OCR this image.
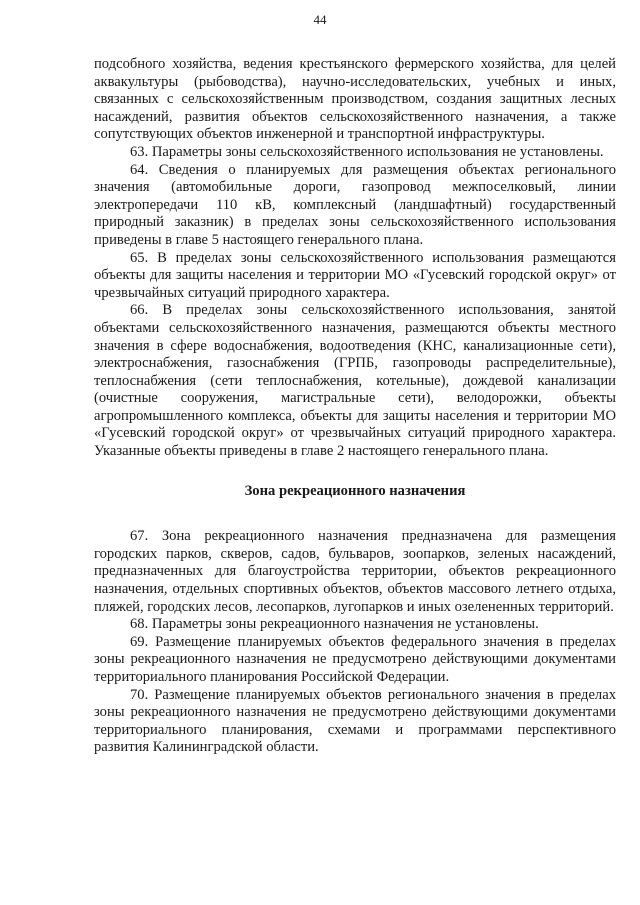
44

подсобного хозяйства, ведения крестьянского фермерского хозяйства, для целей аквакультуры (рыбоводства), научно-исследовательских, учебных и иных, связанных с сельскохозяйственным производством, создания защитных лесных насаждений, развития объектов сельскохозяйственного назначения, а также сопутствующих объектов инженерной и транспортной инфраструктуры.

63. Параметры зоны сельскохозяйственного использования не установлены.

64. Сведения о планируемых для размещения объектах регионального значения (автомобильные дороги, газопровод межпоселковый, линии электропередачи 110 кВ, комплексный (ландшафтный) государственный природный заказник) в пределах зоны сельскохозяйственного использования приведены в главе 5 настоящего генерального плана.

65. В пределах зоны сельскохозяйственного использования размещаются объекты для защиты населения и территории МО «Гусевский городской округ» от чрезвычайных ситуаций природного характера.

66. В пределах зоны сельскохозяйственного использования, занятой объектами сельскохозяйственного назначения, размещаются объекты местного значения в сфере водоснабжения, водоотведения (КНС, канализационные сети), электроснабжения, газоснабжения (ГРПБ, газопроводы распределительные), теплоснабжения (сети теплоснабжения, котельные), дождевой канализации (очистные сооружения, магистральные сети), велодорожки, объекты агропромышленного комплекса, объекты для защиты населения и территории МО «Гусевский городской округ» от чрезвычайных ситуаций природного характера. Указанные объекты приведены в главе 2 настоящего генерального плана.

Зона рекреационного назначения

67. Зона рекреационного назначения предназначена для размещения городских парков, скверов, садов, бульваров, зоопарков, зеленых насаждений, предназначенных для благоустройства территории, объектов рекреационного назначения, отдельных спортивных объектов, объектов массового летнего отдыха, пляжей, городских лесов, лесопарков, лугопарков и иных озелененных территорий.

68. Параметры зоны рекреационного назначения не установлены.

69. Размещение планируемых объектов федерального значения в пределах зоны рекреационного назначения не предусмотрено действующими документами территориального планирования Российской Федерации.

70. Размещение планируемых объектов регионального значения в пределах зоны рекреационного назначения не предусмотрено действующими документами территориального планирования, схемами и программами перспективного развития Калининградской области.
